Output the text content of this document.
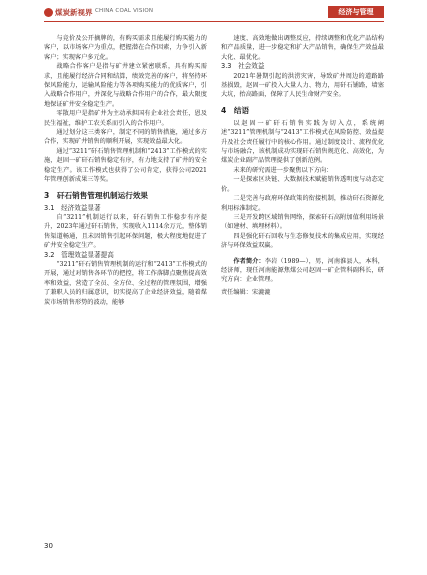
煤炭新视界 CHINA COAL VISION	经济与管理

与竞价及公开摘牌的，有购买需求且能履行购买能力的客户，以市场客户为重点，把握潜在合作因素，力争引入新客户；实现客户多元化。

战略合作客户是指与矿井建立紧密联系，具有购买需求，且能履行经济合同和结算，绩效完善的客户，将坚持环保风险能力，运输风险能力等各项购买能力的优质客户，引入战略合作用户，并深化与战略合作用户的合作，最大限度地保证矿井安全稳定生产。

零散用户是指矿井为主动承担国有企业社会责任，恩及民生福祉，维护工农关系而引入的合作用户。

通过划分这三类客户，制定不同的销售措施，通过多方合作，实现矿井销售的顺利开展，实现效益最大化。

通过“3211”矸石销售管理机制和“2413”工作模式的实施，赵固一矿矸石销售稳定有序，有力地支持了矿井的安全稳定生产。该工作模式也获得了公司肯定，获得公司2021年管理创新成果三等奖。

3　矸石销售管理机制运行效果
3.1　经济效益显著

自“3211”机制运行以来，矸石销售工作稳步有序提升，2023年通过矸石销售，实现收入1114余万元，整体销售渠道畅通，且未因销售引起环保问题，极大程度地促进了矿井安全稳定生产。

3.2　管理效益显著提高

“3211”矸石销售管理机制的运行和“2413”工作模式的开展，通过对销售各环节的把控，将工作落脚点聚焦提高效率和效益，营造了全员、全方位、全过程的管理氛围，增强了兼职人员的归属意识，切实提高了企业经济效益，随着煤炭市场销售形势的波动，能够

速度、高效地做出调整反应，持续调整和优化产品结构和产品质量，进一步稳定和扩大产品销售，确保生产效益最大化、最优化。

3.3　社会效益

2021年暑期引起的洪涝灾害，导致矿井周边的道路路基损毁，赵固一矿投入大量人力、物力，用矸石铺路，墙塞大坑，抬高路面，保障了人民生命财产安全。

4　结语

以赵固一矿矸石销售实践为切入点，系统阐述“3211”管理机制与“2413”工作模式在风险防控、效益提升及社会责任履行中的核心作用。通过制度设计、流程优化与市场融合，该机制成功实现矸石销售规范化、高效化，为煤炭企业副产品管理提供了创新范例。

未来的研究需进一步聚焦以下方向：

一是探索区块链、大数据技术赋能销售透明度与动态定价。

二是完善与政府环保政策的衔接机制，推动矸石资源化利用标准制定。

三是开发跨区域销售网络，探索矸石高附加值利用场景（如建材、填埋材料）。

四是强化矸石回收与生态修复技术的集成应用，实现经济与环保效益双赢。

作者简介：李岩（1989—），男，河南淮县人，本科，经济师，现任河南能源焦煤公司赵固一矿企管科副科长，研究方向：企业管理。

责任编辑：宋漉漉

30
